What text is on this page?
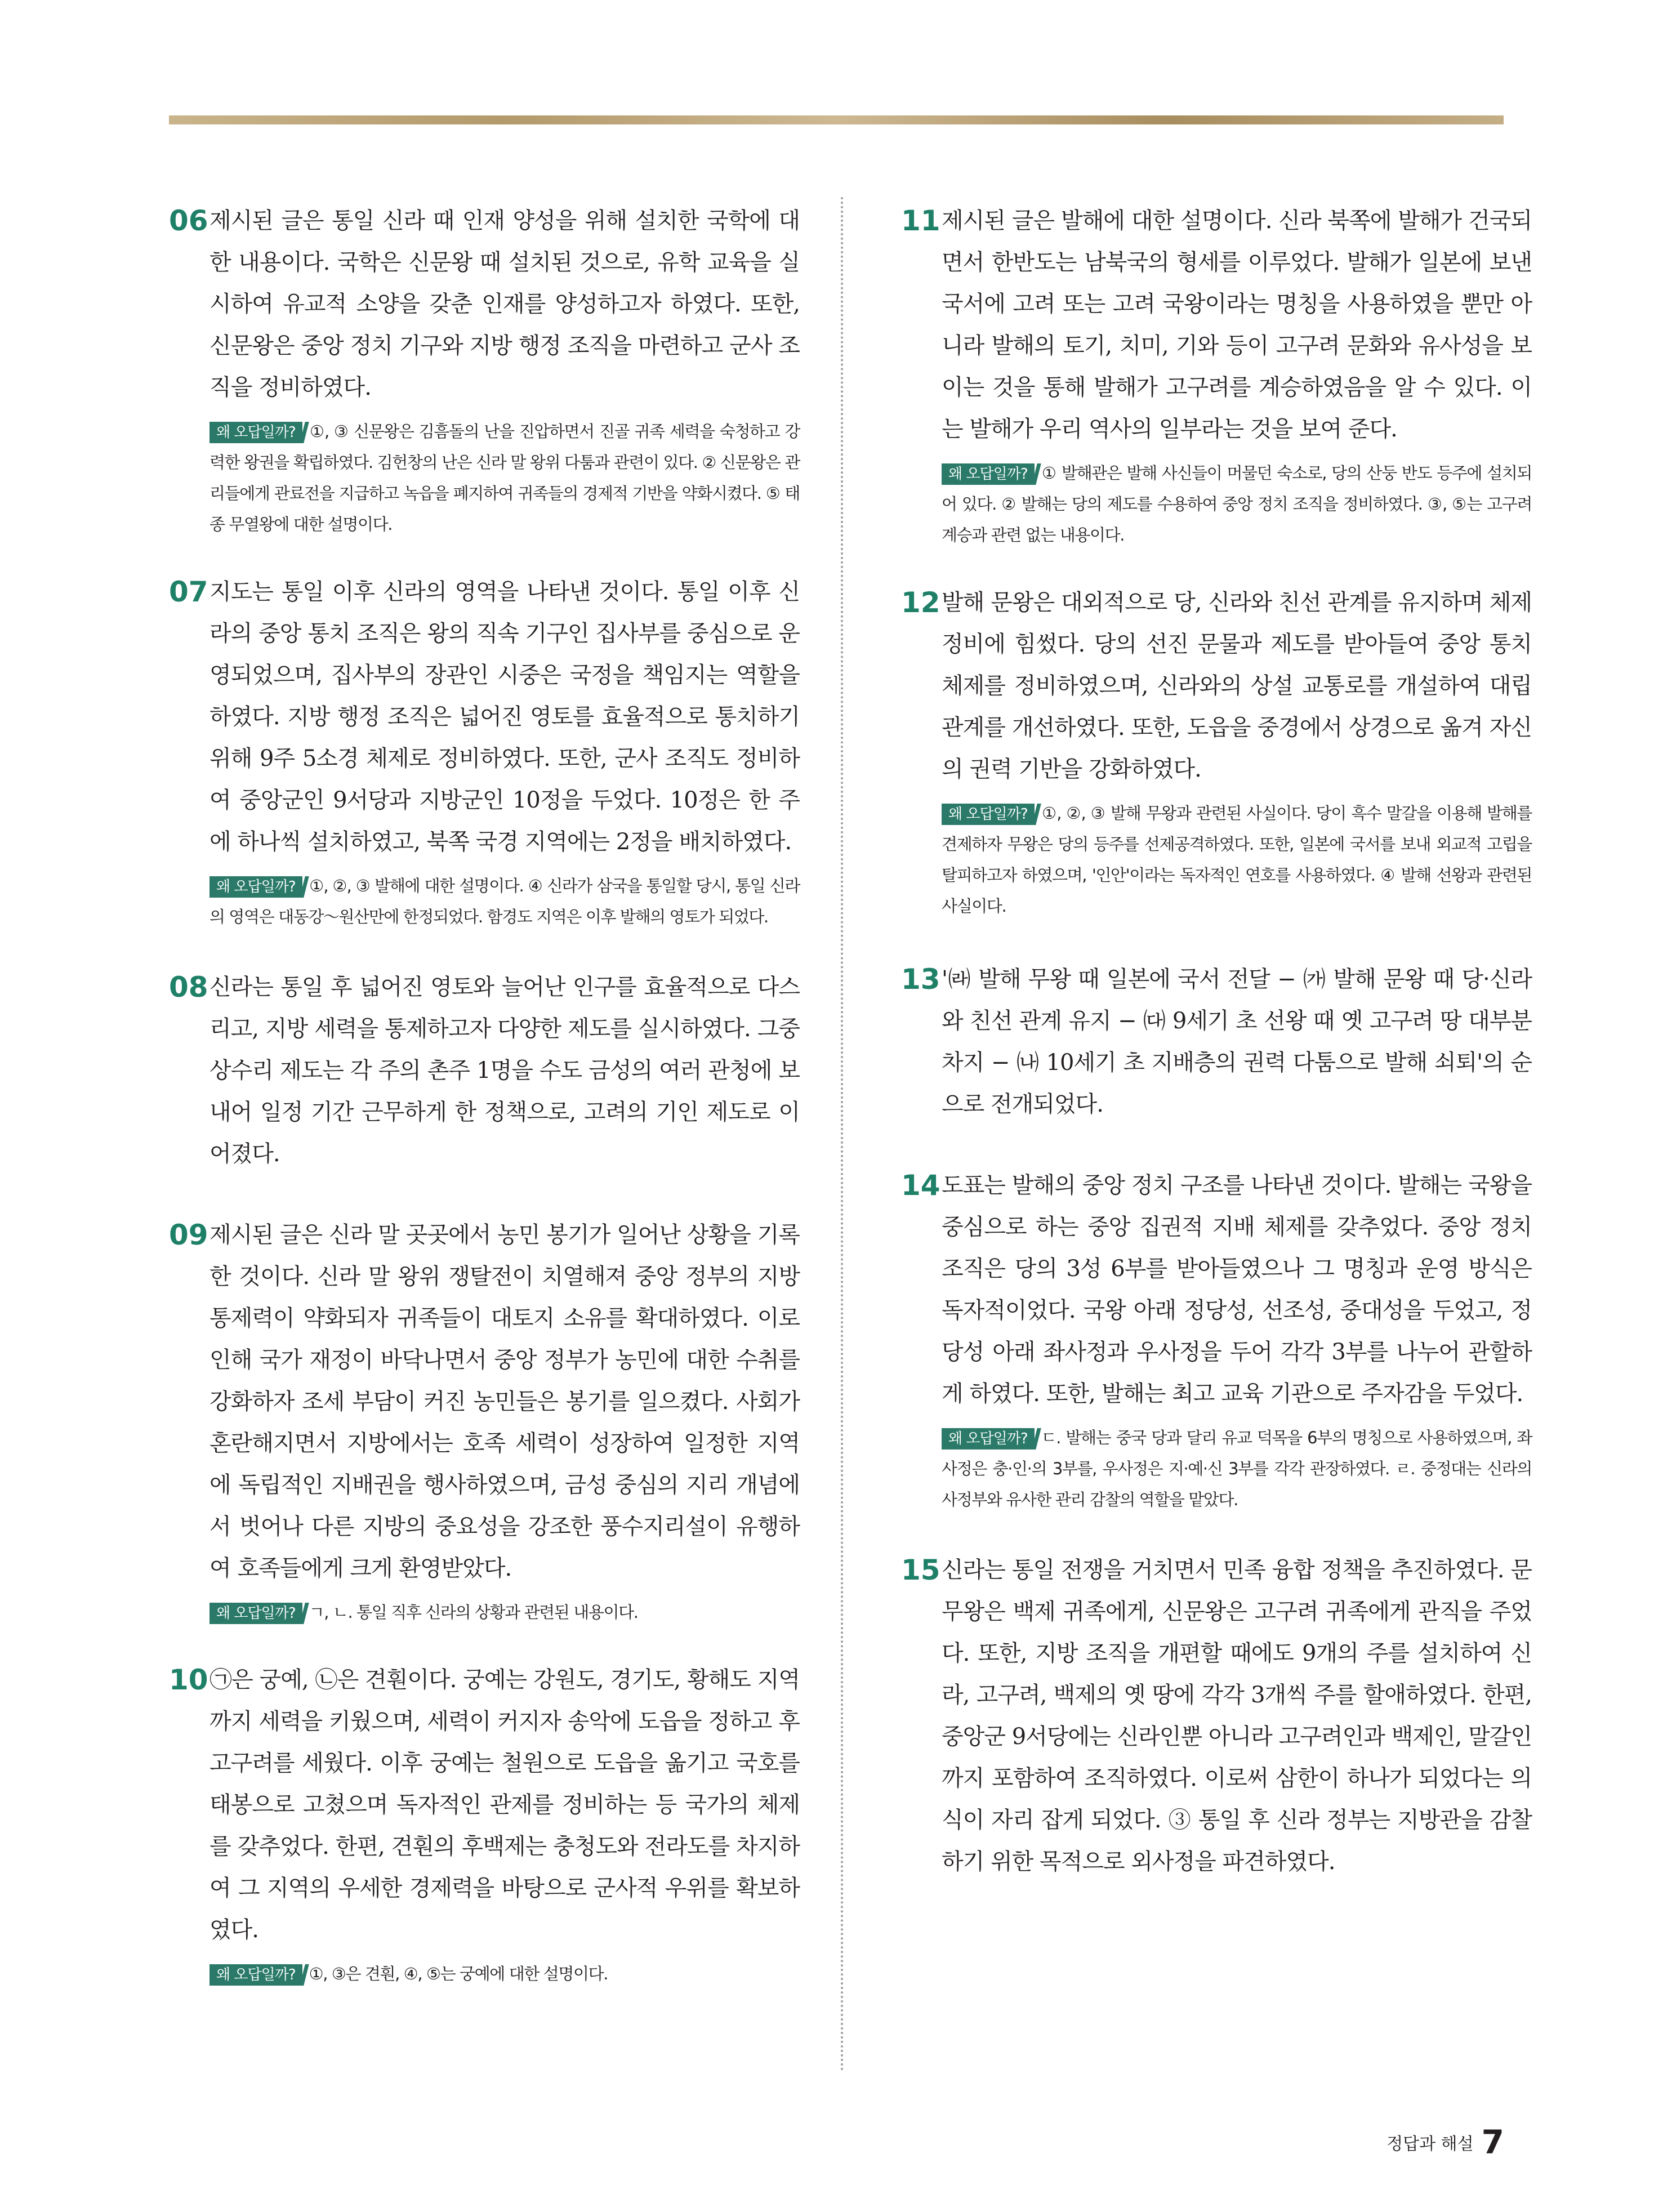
06 제시된 글은 통일 신라 때 인재 양성을 위해 설치한 국학에 대한 내용이다. 국학은 신문왕 때 설치된 것으로, 유학 교육을 실시하여 유교적 소양을 갖춘 인재를 양성하고자 하였다. 또한, 신문왕은 중앙 정치 기구와 지방 행정 조직을 마련하고 군사 조직을 정비하였다.
왜 오답일까? ①, ③ 신문왕은 김흠돌의 난을 진압하면서 진골 귀족 세력을 숙청하고 강력한 왕권을 확립하였다. 김헌창의 난은 신라 말 왕위 다툼과 관련이 있다. ② 신문왕은 관리들에게 관료전을 지급하고 녹읍을 폐지하여 귀족들의 경제적 기반을 약화시켰다. ⑤ 태종 무열왕에 대한 설명이다.
07 지도는 통일 이후 신라의 영역을 나타낸 것이다. 통일 이후 신라의 중앙 통치 조직은 왕의 직속 기구인 집사부를 중심으로 운영되었으며, 집사부의 장관인 시중은 국정을 책임지는 역할을 하였다. 지방 행정 조직은 넓어진 영토를 효율적으로 통치하기 위해 9주 5소경 체제로 정비하였다. 또한, 군사 조직도 정비하여 중앙군인 9서당과 지방군인 10정을 두었다. 10정은 한 주에 하나씩 설치하였고, 북쪽 국경 지역에는 2정을 배치하였다.
왜 오답일까? ①, ②, ③ 발해에 대한 설명이다. ④ 신라가 삼국을 통일할 당시, 통일 신라의 영역은 대동강～원산만에 한정되었다. 함경도 지역은 이후 발해의 영토가 되었다.
08 신라는 통일 후 넓어진 영토와 늘어난 인구를 효율적으로 다스리고, 지방 세력을 통제하고자 다양한 제도를 실시하였다. 그중 상수리 제도는 각 주의 촌주 1명을 수도 금성의 여러 관청에 보내어 일정 기간 근무하게 한 정책으로, 고려의 기인 제도로 이어졌다.
09 제시된 글은 신라 말 곳곳에서 농민 봉기가 일어난 상황을 기록한 것이다. 신라 말 왕위 쟁탈전이 치열해져 중앙 정부의 지방 통제력이 약화되자 귀족들이 대토지 소유를 확대하였다. 이로 인해 국가 재정이 바닥나면서 중앙 정부가 농민에 대한 수취를 강화하자 조세 부담이 커진 농민들은 봉기를 일으켰다. 사회가 혼란해지면서 지방에서는 호족 세력이 성장하여 일정한 지역에 독립적인 지배권을 행사하였으며, 금성 중심의 지리 개념에서 벗어나 다른 지방의 중요성을 강조한 풍수지리설이 유행하여 호족들에게 크게 환영받았다.
왜 오답일까? ㄱ, ㄴ. 통일 직후 신라의 상황과 관련된 내용이다.
10 ㉠은 궁예, ㉡은 견훤이다. 궁예는 강원도, 경기도, 황해도 지역까지 세력을 키웠으며, 세력이 커지자 송악에 도읍을 정하고 후고구려를 세웠다. 이후 궁예는 철원으로 도읍을 옮기고 국호를 태봉으로 고쳤으며 독자적인 관제를 정비하는 등 국가의 체제를 갖추었다. 한편, 견훤의 후백제는 충청도와 전라도를 차지하여 그 지역의 우세한 경제력을 바탕으로 군사적 우위를 확보하였다.
왜 오답일까? ①, ③은 견훤, ④, ⑤는 궁예에 대한 설명이다.
11 제시된 글은 발해에 대한 설명이다. 신라 북쪽에 발해가 건국되면서 한반도는 남북국의 형세를 이루었다. 발해가 일본에 보낸 국서에 고려 또는 고려 국왕이라는 명칭을 사용하였을 뿐만 아니라 발해의 토기, 치미, 기와 등이 고구려 문화와 유사성을 보이는 것을 통해 발해가 고구려를 계승하였음을 알 수 있다. 이는 발해가 우리 역사의 일부라는 것을 보여 준다.
왜 오답일까? ① 발해관은 발해 사신들이 머물던 숙소로, 당의 산둥 반도 등주에 설치되어 있다. ② 발해는 당의 제도를 수용하여 중앙 정치 조직을 정비하였다. ③, ⑤는 고구려 계승과 관련 없는 내용이다.
12 발해 문왕은 대외적으로 당, 신라와 친선 관계를 유지하며 체제 정비에 힘썼다. 당의 선진 문물과 제도를 받아들여 중앙 통치 체제를 정비하였으며, 신라와의 상설 교통로를 개설하여 대립 관계를 개선하였다. 또한, 도읍을 중경에서 상경으로 옮겨 자신의 권력 기반을 강화하였다.
왜 오답일까? ①, ②, ③ 발해 무왕과 관련된 사실이다. 당이 흑수 말갈을 이용해 발해를 견제하자 무왕은 당의 등주를 선제공격하였다. 또한, 일본에 국서를 보내 외교적 고립을 탈피하고자 하였으며, '인안'이라는 독자적인 연호를 사용하였다. ④ 발해 선왕과 관련된 사실이다.
13 '㈑ 발해 무왕 때 일본에 국서 전달 − ㈎ 발해 문왕 때 당·신라와 친선 관계 유지 − ㈐ 9세기 초 선왕 때 옛 고구려 땅 대부분 차지 − ㈏ 10세기 초 지배층의 권력 다툼으로 발해 쇠퇴'의 순으로 전개되었다.
14 도표는 발해의 중앙 정치 구조를 나타낸 것이다. 발해는 국왕을 중심으로 하는 중앙 집권적 지배 체제를 갖추었다. 중앙 정치 조직은 당의 3성 6부를 받아들였으나 그 명칭과 운영 방식은 독자적이었다. 국왕 아래 정당성, 선조성, 중대성을 두었고, 정당성 아래 좌사정과 우사정을 두어 각각 3부를 나누어 관할하게 하였다. 또한, 발해는 최고 교육 기관으로 주자감을 두었다.
왜 오답일까? ㄷ. 발해는 중국 당과 달리 유교 덕목을 6부의 명칭으로 사용하였으며, 좌사정은 충·인·의 3부를, 우사정은 지·예·신 3부를 각각 관장하였다. ㄹ. 중정대는 신라의 사정부와 유사한 관리 감찰의 역할을 맡았다.
15 신라는 통일 전쟁을 거치면서 민족 융합 정책을 추진하였다. 문무왕은 백제 귀족에게, 신문왕은 고구려 귀족에게 관직을 주었다. 또한, 지방 조직을 개편할 때에도 9개의 주를 설치하여 신라, 고구려, 백제의 옛 땅에 각각 3개씩 주를 할애하였다. 한편, 중앙군 9서당에는 신라인뿐 아니라 고구려인과 백제인, 말갈인까지 포함하여 조직하였다. 이로써 삼한이 하나가 되었다는 의식이 자리 잡게 되었다. ③ 통일 후 신라 정부는 지방관을 감찰하기 위한 목적으로 외사정을 파견하였다.
정답과 해설 7
